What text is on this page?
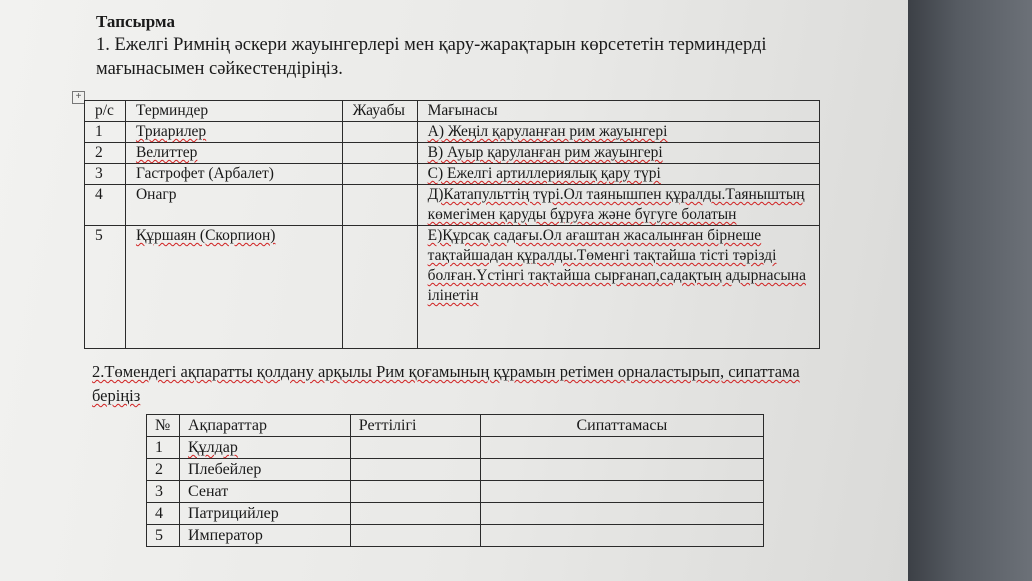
Тапсырма
1. Ежелгі Римнің әскери жауынгерлері мен қару-жарақтарын көрсететін терминдерді мағынасымен сәйкестендіріңіз.
+
р/с	Терминдер	Жауабы	Мағынасы
1	Триарилер		А) Жеңіл қаруланған рим жауынгері
2	Велиттер		В) Ауыр қаруланған рим жауынгері
3	Гастрофет (Арбалет)		С) Ежелгі артиллериялық қару түрі
4	Онагр		Д)Катапульттің түрі.Ол таянышпен құралды.Таяныштың көмегімен қаруды бұруға және бүгуге болатын
5	Құршаян (Скорпион)		Е)Құрсақ садағы.Ол ағаштан жасалынған бірнеше тақтайшадан құралды.Төменгі тақтайша тісті тәрізді болған.Үстінгі тақтайша сырғанап,садақтың адырнасына ілінетін
2.Төмендегі ақпаратты қолдану арқылы Рим қоғамының құрамын ретімен орналастырып, сипаттама беріңіз
№	Ақпараттар	Реттілігі	Сипаттамасы
1	Құлдар		
2	Плебейлер		
3	Сенат		
4	Патрицийлер		
5	Император		
